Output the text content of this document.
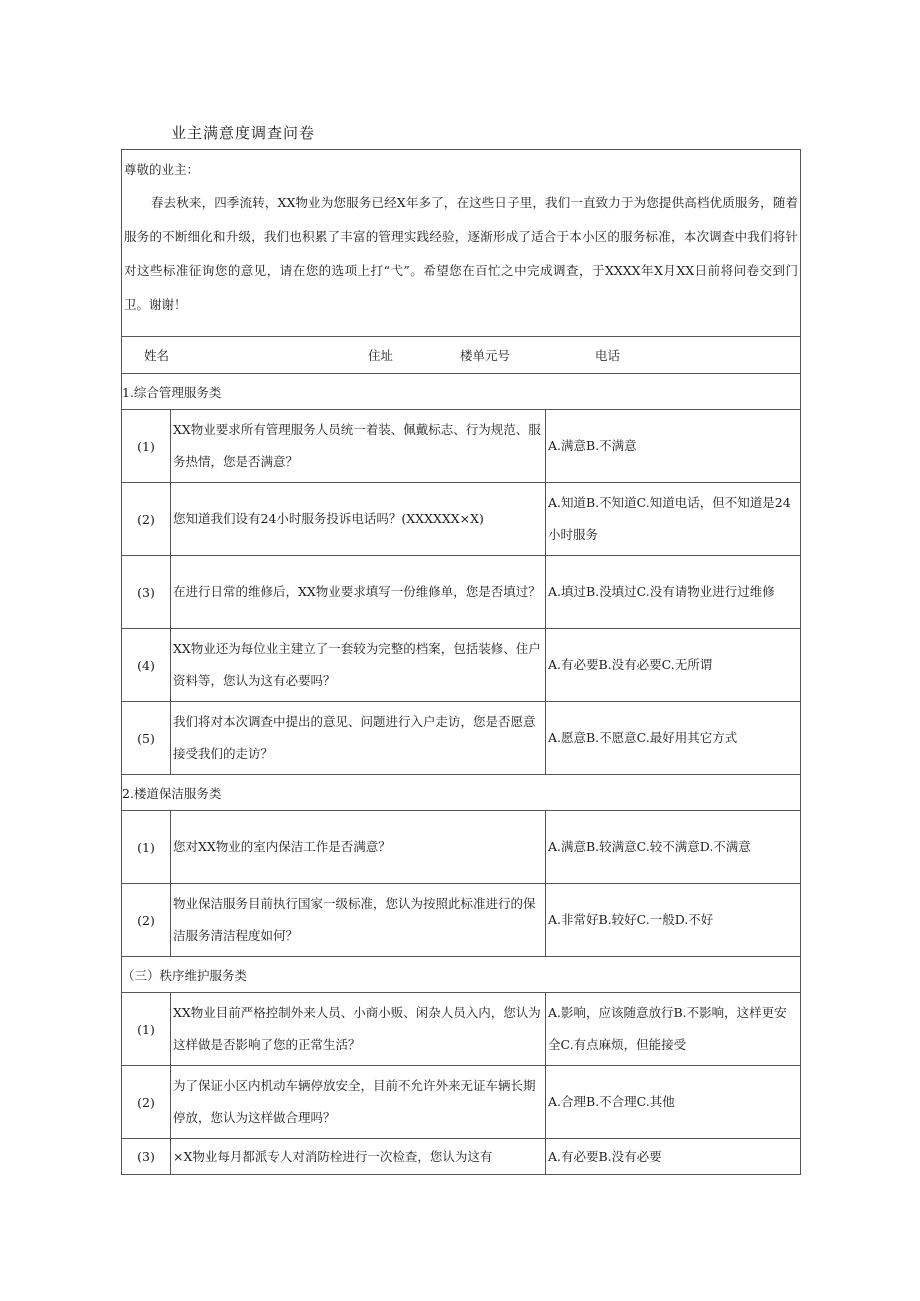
业主满意度调查问卷
尊敬的业主：
春去秋来，四季流转，XX物业为您服务已经X年多了，在这些日子里，我们一直致力于为您提供高档优质服务，随着服务的不断细化和升级，我们也积累了丰富的管理实践经验，逐渐形成了适合于本小区的服务标准，本次调查中我们将针对这些标准征询您的意见，请在您的选项上打“弋”。希望您在百忙之中完成调查，于XXXX年X月XX日前将问卷交到门卫。谢谢！		

姓名 住址 楼单元号 电话		

1.综合管理服务类		
(1)	XX物业要求所有管理服务人员统一着装、佩戴标志、行为规范、服务热情，您是否满意？	A.满意B.不满意
(2)	您知道我们设有24小时服务投诉电话吗？(XXXXXX×X)	A.知道B.不知道C.知道电话，但不知道是24小时服务
(3)	在进行日常的维修后，XX物业要求填写一份维修单，您是否填过？	A.填过B.没填过C.没有请物业进行过维修
(4)	XX物业还为每位业主建立了一套较为完整的档案，包括装修、住户资料等，您认为这有必要吗？	A.有必要B.没有必要C.无所谓
(5)	我们将对本次调查中提出的意见、问题进行入户走访，您是否愿意接受我们的走访？	A.愿意B.不愿意C.最好用其它方式
2.楼道保洁服务类		
(1)	您对XX物业的室内保洁工作是否满意？	A.满意B.较满意C.较不满意D.不满意
(2)	物业保洁服务目前执行国家一级标准，您认为按照此标准进行的保洁服务清洁程度如何？	A.非常好B.较好C.一般D.不好
（三）秩序维护服务类		
(1)	XX物业目前严格控制外来人员、小商小贩、闲杂人员入内，您认为这样做是否影响了您的正常生活？	A.影响，应该随意放行B.不影响，这样更安全C.有点麻烦，但能接受
(2)	为了保证小区内机动车辆停放安全，目前不允许外来无证车辆长期停放，您认为这样做合理吗？	A.合理B.不合理C.其他
(3)	×X物业每月都派专人对消防栓进行一次检查，您认为这有	A.有必要B.没有必要
